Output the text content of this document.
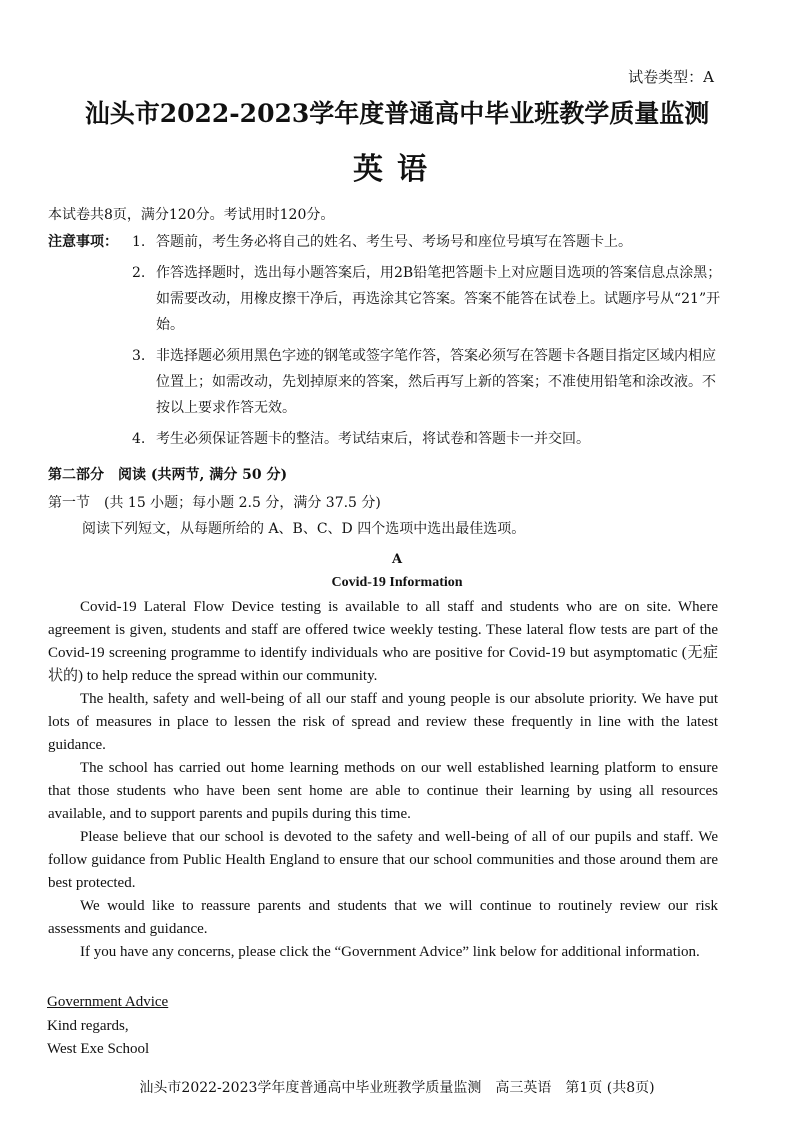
试卷类型：A
汕头市2022-2023学年度普通高中毕业班教学质量监测
英语
本试卷共8页，满分120分。考试用时120分。
注意事项： 1. 答题前，考生务必将自己的姓名、考生号、考场号和座位号填写在答题卡上。
2. 作答选择题时，选出每小题答案后，用2B铅笔把答题卡上对应题目选项的答案信息点涂黑；如需要改动，用橡皮擦干净后，再选涂其它答案。答案不能答在试卷上。试题序号从“21”开始。
3. 非选择题必须用黑色字迹的钢笔或签字笔作答，答案必须写在答题卡各题目指定区域内相应位置上；如需改动，先划掉原来的答案，然后再写上新的答案；不准使用铅笔和涂改液。不按以上要求作答无效。
4. 考生必须保证答题卡的整洁。考试结束后，将试卷和答题卡一并交回。
第二部分　阅读 (共两节, 满分 50 分)
第一节　(共 15 小题；每小题 2.5 分，满分 37.5 分)
阅读下列短文，从每题所给的 A、B、C、D 四个选项中选出最佳选项。
A
Covid-19 Information

Covid-19 Lateral Flow Device testing is available to all staff and students who are on site. Where agreement is given, students and staff are offered twice weekly testing. These lateral flow tests are part of the Covid-19 screening programme to identify individuals who are positive for Covid-19 but asymptomatic (无症状的) to help reduce the spread within our community.

The health, safety and well-being of all our staff and young people is our absolute priority. We have put lots of measures in place to lessen the risk of spread and review these frequently in line with the latest guidance.

The school has carried out home learning methods on our well established learning platform to ensure that those students who have been sent home are able to continue their learning by using all resources available, and to support parents and pupils during this time.

Please believe that our school is devoted to the safety and well-being of all of our pupils and staff. We follow guidance from Public Health England to ensure that our school communities and those around them are best protected.

We would like to reassure parents and students that we will continue to routinely review our risk assessments and guidance.

If you have any concerns, please click the “Government Advice” link below for additional information.

Government Advice
Kind regards,
West Exe School
汕头市2022-2023学年度普通高中毕业班教学质量监测　高三英语　第1页 (共8页)
